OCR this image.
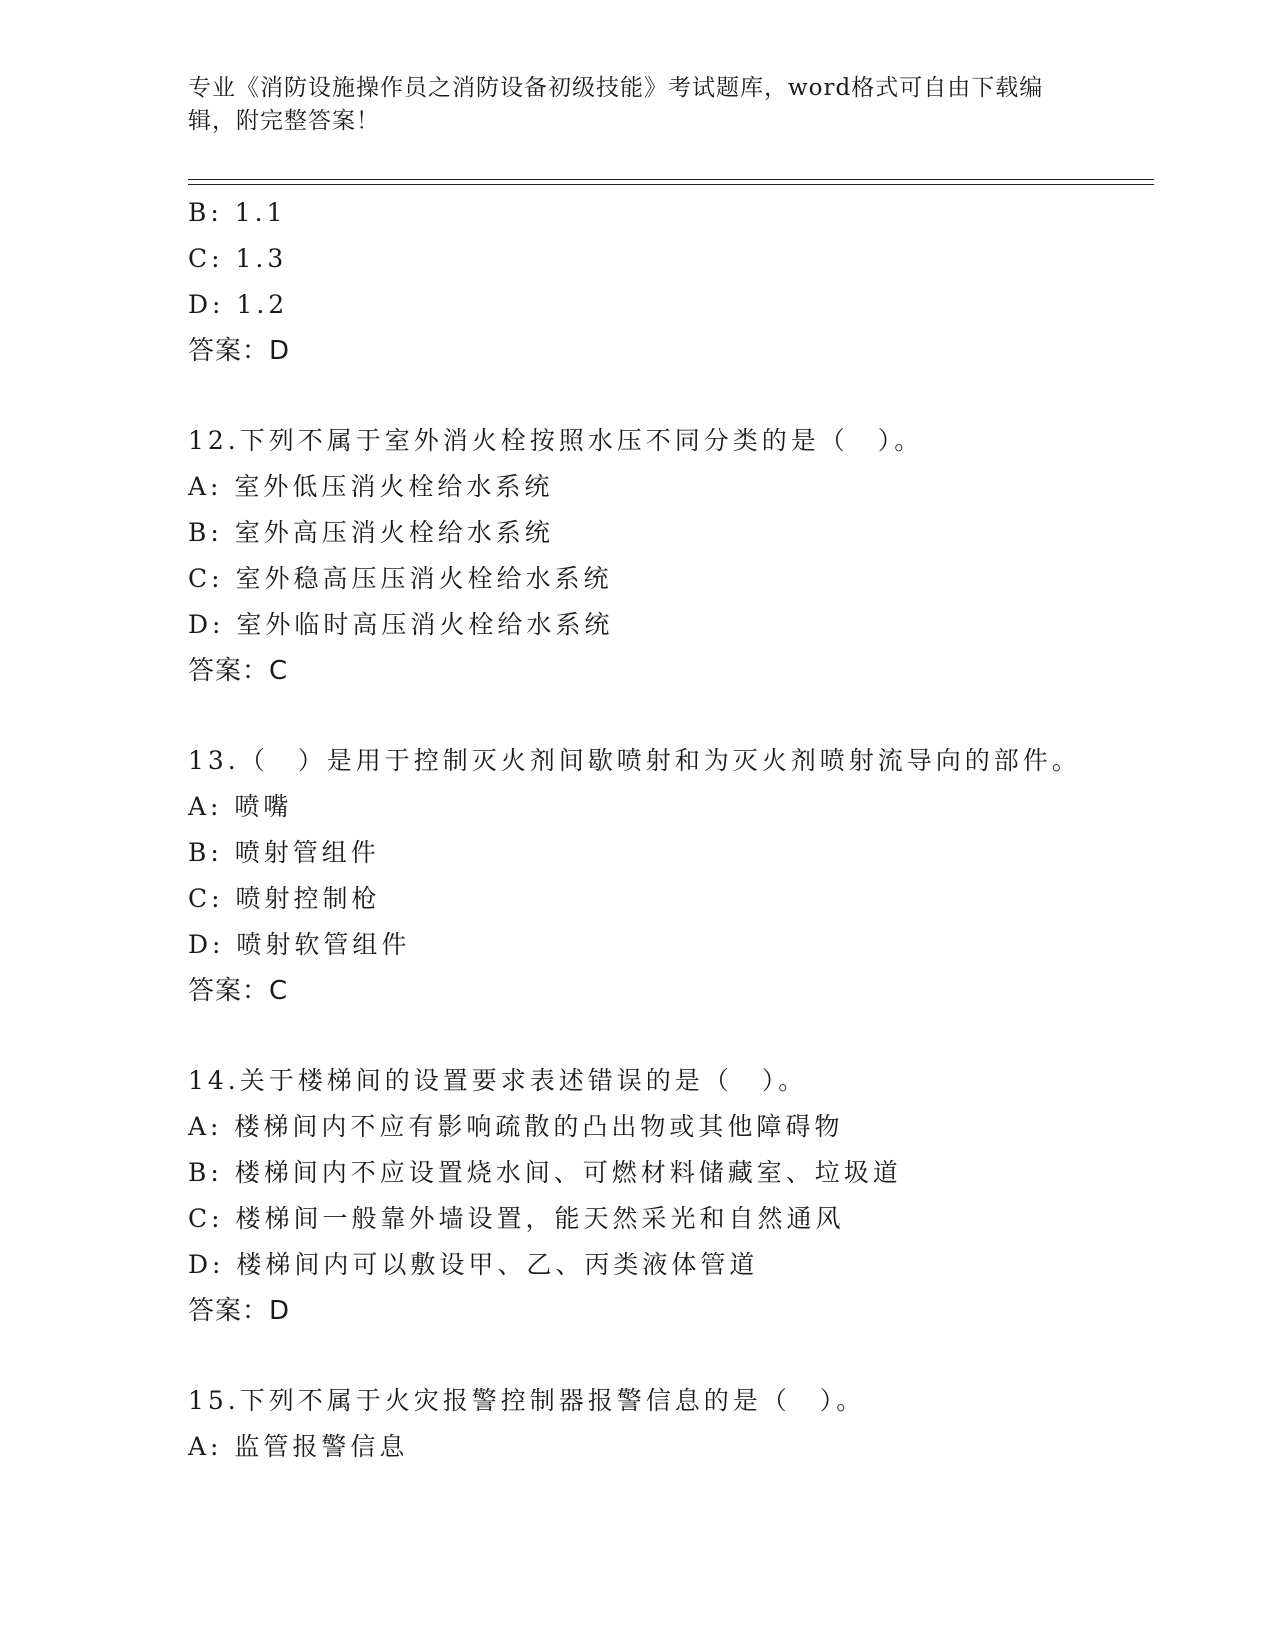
专业《消防设施操作员之消防设备初级技能》考试题库，word格式可自由下载编
辑，附完整答案！
B: 1.1
C: 1.3
D: 1.2
答案：D
12.下列不属于室外消火栓按照水压不同分类的是（　）。
A: 室外低压消火栓给水系统
B: 室外高压消火栓给水系统
C: 室外稳高压压消火栓给水系统
D: 室外临时高压消火栓给水系统
答案：C
13.（　）是用于控制灭火剂间歇喷射和为灭火剂喷射流导向的部件。
A: 喷嘴
B: 喷射管组件
C: 喷射控制枪
D: 喷射软管组件
答案：C
14.关于楼梯间的设置要求表述错误的是（　）。
A: 楼梯间内不应有影响疏散的凸出物或其他障碍物
B: 楼梯间内不应设置烧水间、可燃材料储藏室、垃圾道
C: 楼梯间一般靠外墙设置，能天然采光和自然通风
D: 楼梯间内可以敷设甲、乙、丙类液体管道
答案：D
15.下列不属于火灾报警控制器报警信息的是（　）。
A: 监管报警信息
